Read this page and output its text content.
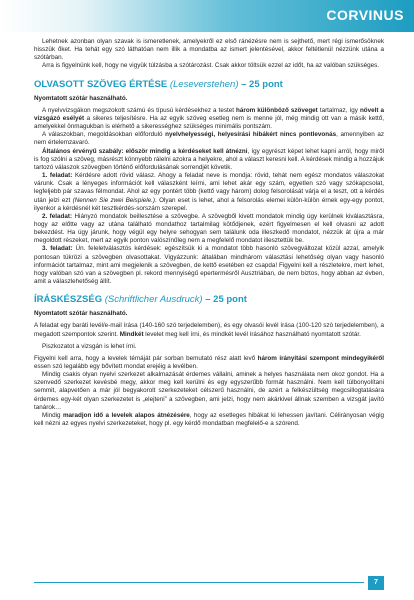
CORVINUS

Lehetnek azonban olyan szavak is ismeretlenek, amelyekről ez első ránézésre nem is sejthető, mert régi ismerősöknek hisszük őket. Ha tehát egy szó láthatóan nem illik a mondatba az ismert jelentésével, akkor feltétlenül nézzünk utána a szótárban.

Arra is figyelnünk kell, hogy ne vigyük túlzásba a szótározást. Csak akkor töltsük ezzel az időt, ha az valóban szükséges.

OLVASOTT SZÖVEG ÉRTÉSE (Leseverstehen) – 25 pont

Nyomtatott szótár használható.

A nyelvvizsgákon megszokott számú és típusú kérdésekhez a testet három különböző szöveget tartalmaz, így növelt a vizsgázó esélyét a sikeres teljesítésre. Ha az egyik szöveg esetleg nem is menne jól, még mindig ott van a másik kettő, amelyekkel önmagukban is elérhető a sikerességhez szükséges minimális pontszám.

A válaszokban, megoldásokban előforduló nyelvhelyességi, helyesírási hibákért nincs pontlevonás, amennyiben az nem értelemzavaró.

Általános érvényű szabály: először mindig a kérdéseket kell átnézni, így egyrészt képet lehet kapni arról, hogy miről is fog szólni a szöveg, másrészt könnyebb rálelni azokra a helyekre, ahol a választ keresni kell. A kérdések mindig a hozzájuk tartozó válaszok szövegben történő előfordulásának sorrendjét követik.

1. feladat: Kérdésre adott rövid válasz. Ahogy a feladat neve is mondja: rövid, tehát nem egész mondatos válaszokat várunk. Csak a lényeges információt kell válaszként leírni, ami lehet akár egy szám, egyetlen szó vagy szókapcsolat, legfeljebb pár szavas félmondat. Ahol az egy pontért több (kettő vagy három) dolog felsorolását várja el a teszt, ott a kérdés után jelzi ezt (Nennen Sie zwei Beispiele.). Olyan eset is lehet, ahol a felsorolás elemei külön-külön érnek egy-egy pontot, ilyenkor a kérdésnél két tesztkérdés-sorszám szerepel.

2. feladat: Hiányzó mondatok beillesztése a szövegbe. A szövegből kivett mondatok mindig úgy kerülnek kiválasztásra, hogy az előtte vagy az utána található mondathoz tartalmilag kötődjenek, ezért figyelmesen el kell olvasni az adott bekezdést. Ha úgy járunk, hogy végül egy helyre sehogyan sem találunk oda illeszkedő mondatot, nézzük át újra a már megoldott részeket, mert az egyik ponton valószínűleg nem a megfelelő mondatot illesztettük be.

3. feladat: Ún. feleletválasztós kérdések: egészítsük ki a mondatot több hasonló szövegváltozat közül azzal, amelyik pontosan tükrözi a szövegben olvasottakat. Vigyázzunk: általában mindhárom választási lehetőség olyan vagy hasonló információt tartalmaz, mint ami megjelenik a szövegben, de kettő esetében ez csapda! Figyelni kell a részletekre, mert lehet, hogy valóban szó van a szövegben pl. rekord mennyiségű epertermésről Ausztriában, de nem biztos, hogy abban az évben, amit a válaszlehetőség állít.

ÍRÁSKÉSZSÉG (Schriftlicher Ausdruck) – 25 pont

Nyomtatott szótár használható.

A feladat egy baráti levél/e-mail írása (140-160 szó terjedelemben), és egy olvasói levél írása (100-120 szó terjedelemben), a megadott szempontok szerint. Mindkét levelet meg kell írni, és mindkét levél írásához használható nyomtatott szótár.

Piszkozatot a vizsgán is lehet írni.

Figyelni kell arra, hogy a levelek témáját pár sorban bemutató rész alatt levő három irányítási szempont mindegyikéről essen szó legalább egy bővített mondat erejéig a levélben.

Mindig csakis olyan nyelvi szerkezet alkalmazását érdemes vállalni, aminek a helyes használata nem okoz gondot. Ha a szenvedő szerkezet kevésbé megy, akkor meg kell kerülni és egy egyszerűbb formát használni. Nem kell túlbonyolítani semmit, alapvetően a már jól begyakorolt szerkezeteket célszerű használni, de azért a felkészültség megcsillogtatására érdemes egy-két olyan szerkezetet is „elejteni” a szövegben, ami jelzi, hogy nem akárkivel állnak szemben a vizsgát javító tanárok…

Mindig maradjon idő a levelek alapos átnézésére, hogy az esetleges hibákat ki lehessen javítani. Célirányosan végig kell nézni az egyes nyelvi szerkezeteket, hogy pl. egy kérdő mondatban megfelelő-e a szórend.

7
